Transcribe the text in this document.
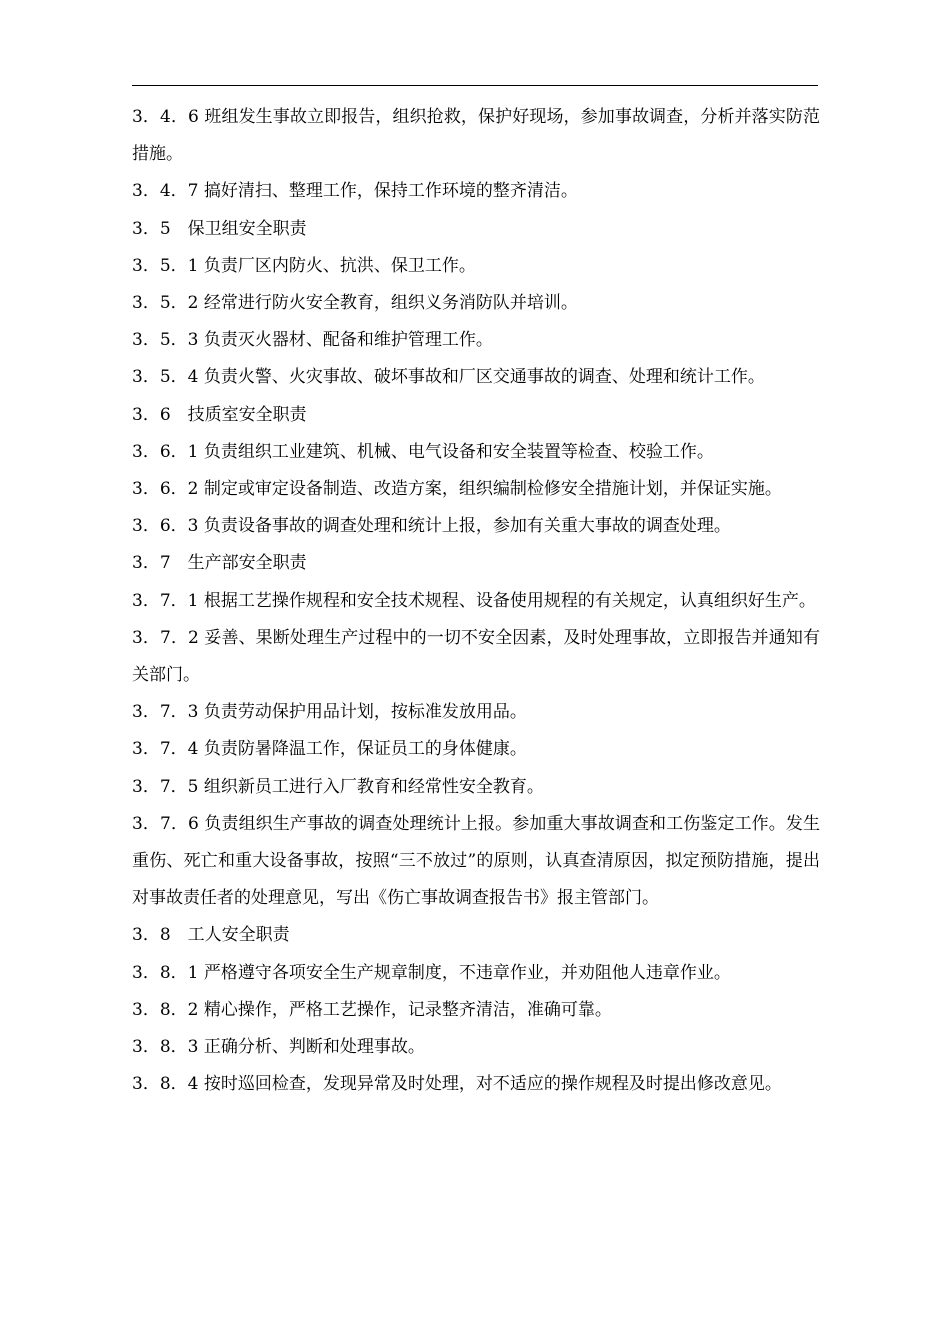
3．4．6 班组发生事故立即报告，组织抢救，保护好现场，参加事故调查，分析并落实防范措施。

3．4．7 搞好清扫、整理工作，保持工作环境的整齐清洁。

3．5　保卫组安全职责

3．5．1 负责厂区内防火、抗洪、保卫工作。

3．5．2 经常进行防火安全教育，组织义务消防队并培训。

3．5．3 负责灭火器材、配备和维护管理工作。

3．5．4 负责火警、火灾事故、破坏事故和厂区交通事故的调查、处理和统计工作。

3．6　技质室安全职责

3．6．1 负责组织工业建筑、机械、电气设备和安全装置等检查、校验工作。

3．6．2 制定或审定设备制造、改造方案，组织编制检修安全措施计划，并保证实施。

3．6．3 负责设备事故的调查处理和统计上报，参加有关重大事故的调查处理。

3．7　生产部安全职责

3．7．1 根据工艺操作规程和安全技术规程、设备使用规程的有关规定，认真组织好生产。

3．7．2 妥善、果断处理生产过程中的一切不安全因素，及时处理事故，立即报告并通知有关部门。

3．7．3 负责劳动保护用品计划，按标准发放用品。

3．7．4 负责防暑降温工作，保证员工的身体健康。

3．7．5 组织新员工进行入厂教育和经常性安全教育。

3．7．6 负责组织生产事故的调查处理统计上报。参加重大事故调查和工伤鉴定工作。发生重伤、死亡和重大设备事故，按照“三不放过”的原则，认真查清原因，拟定预防措施，提出对事故责任者的处理意见，写出《伤亡事故调查报告书》报主管部门。

3．8　工人安全职责

3．8．1 严格遵守各项安全生产规章制度，不违章作业，并劝阻他人违章作业。

3．8．2 精心操作，严格工艺操作，记录整齐清洁，准确可靠。

3．8．3 正确分析、判断和处理事故。

3．8．4 按时巡回检查，发现异常及时处理，对不适应的操作规程及时提出修改意见。
